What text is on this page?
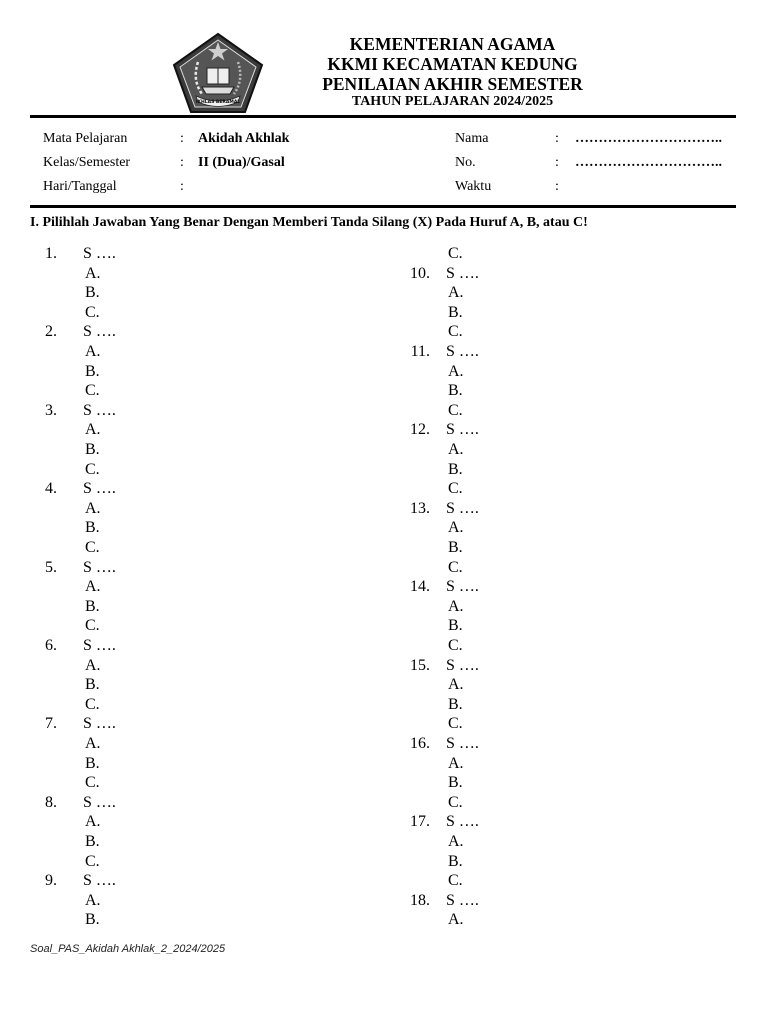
IKHLAS BERAMAL
KEMENTERIAN AGAMA
KKMI KECAMATAN KEDUNG
PENILAIAN AKHIR SEMESTER
TAHUN PELAJARAN 2024/2025
Mata Pelajaran	: Akidah Akhlak
Kelas/Semester	: II (Dua)/Gasal
Hari/Tanggal	:
Nama	: …………………………..
No.	: …………………………..
Waktu	:
I. Pilihlah Jawaban Yang Benar Dengan Memberi Tanda Silang (X) Pada Huruf A, B, atau C!
1. S ….
A.
B.
C.
2. S ….
A.
B.
C.
3. S ….
A.
B.
C.
4. S ….
A.
B.
C.
5. S ….
A.
B.
C.
6. S ….
A.
B.
C.
7. S ….
A.
B.
C.
8. S ….
A.
B.
C.
9. S ….
A.
B.
C.
10. S ….
A.
B.
C.
11. S ….
A.
B.
C.
12. S ….
A.
B.
C.
13. S ….
A.
B.
C.
14. S ….
A.
B.
C.
15. S ….
A.
B.
C.
16. S ….
A.
B.
C.
17. S ….
A.
B.
C.
18. S ….
A.
Soal_PAS_Akidah Akhlak_2_2024/2025
